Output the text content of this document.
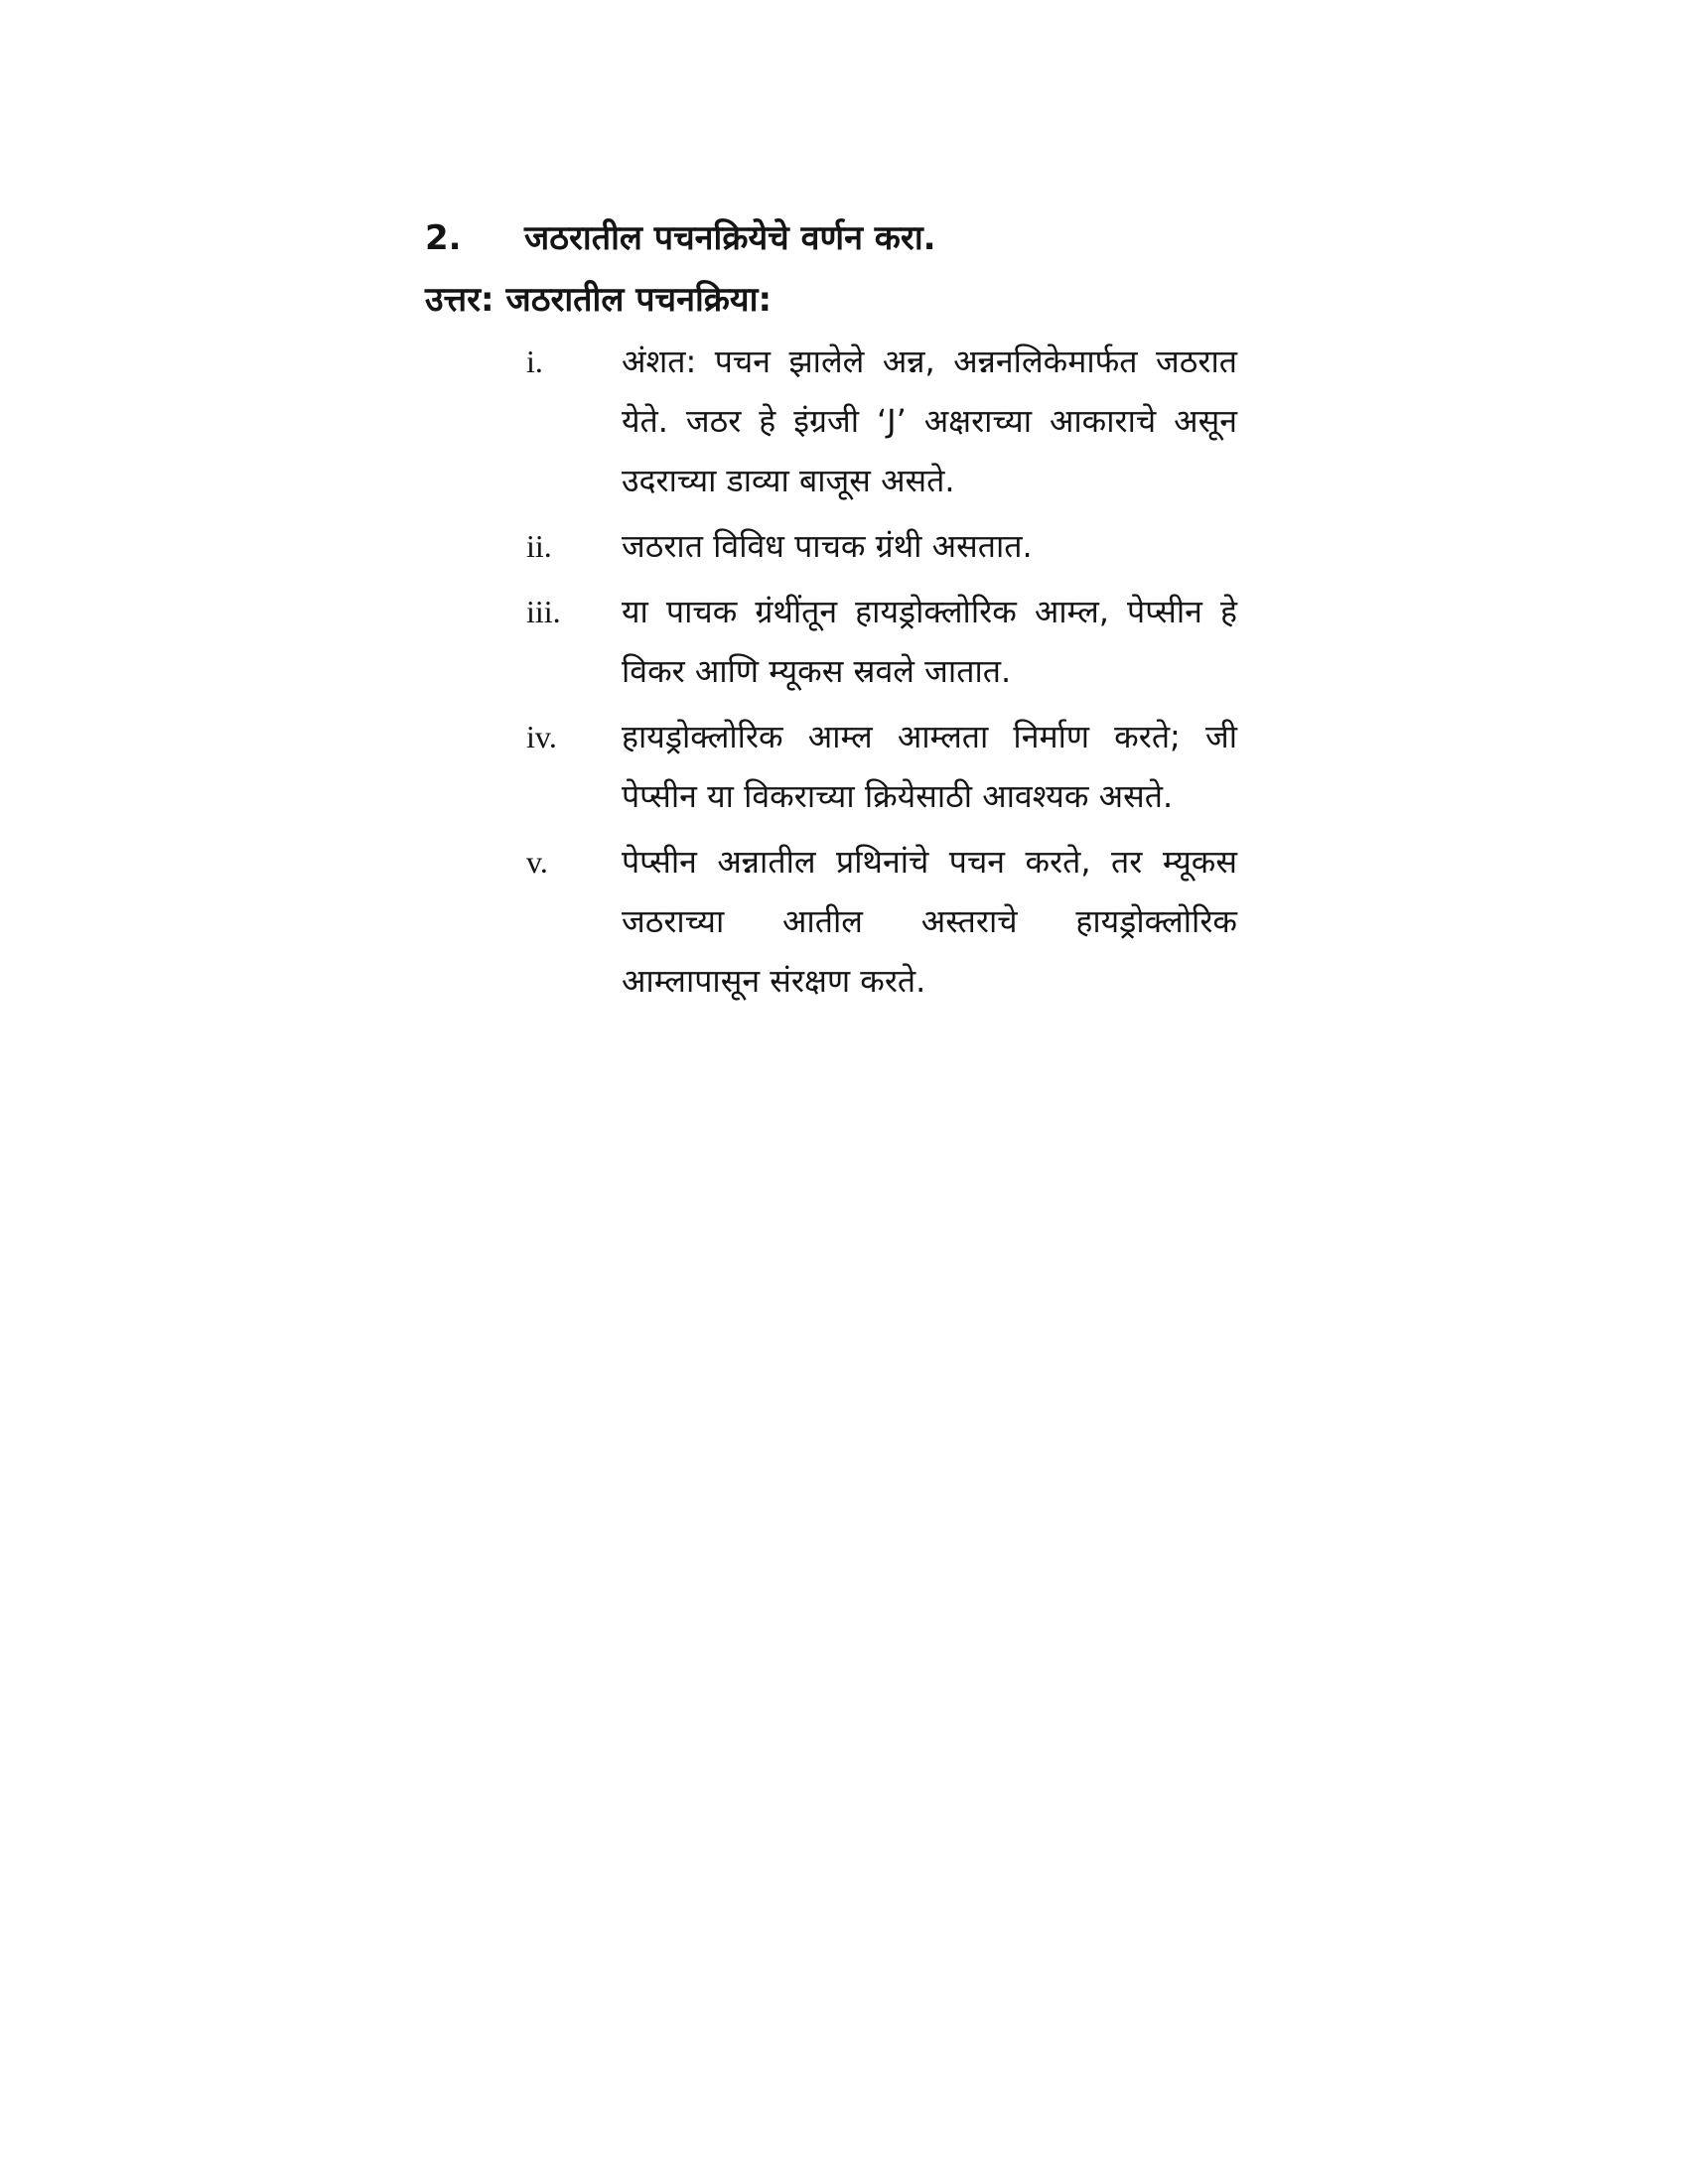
2.	जठरातील पचनक्रियेचे वर्णन करा.
उत्तर: जठरातील पचनक्रिया:
i.	अंशत: पचन झालेले अन्न, अन्ननलिकेमार्फत जठरात येते. जठर हे इंग्रजी ‘J’ अक्षराच्या आकाराचे असून उदराच्या डाव्या बाजूस असते.
ii.	जठरात विविध पाचक ग्रंथी असतात.
iii.	या पाचक ग्रंथींतून हायड्रोक्लोरिक आम्ल, पेप्सीन हे विकर आणि म्यूकस स्रवले जातात.
iv.	हायड्रोक्लोरिक आम्ल आम्लता निर्माण करते; जी पेप्सीन या विकराच्या क्रियेसाठी आवश्यक असते.
v.	पेप्सीन अन्नातील प्रथिनांचे पचन करते, तर म्यूकस जठराच्या आतील अस्तराचे हायड्रोक्लोरिक आम्लापासून संरक्षण करते.
